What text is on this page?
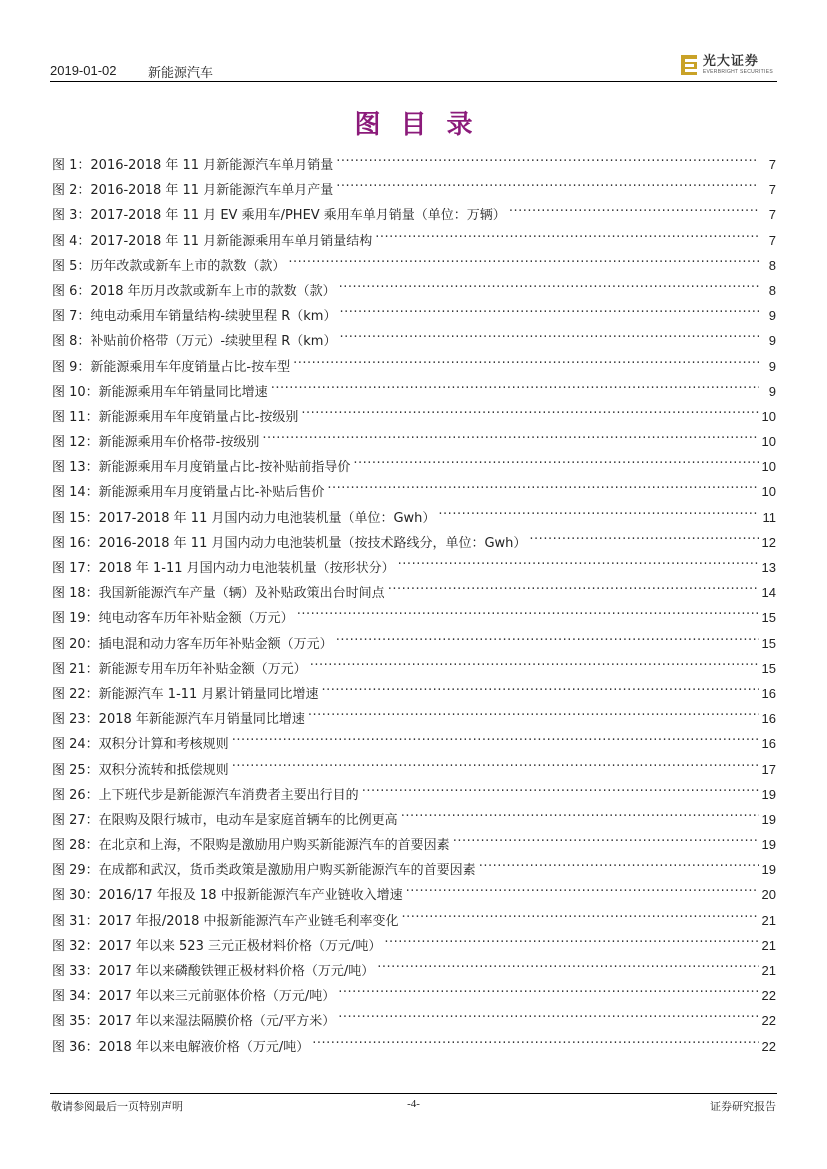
2019-01-02 新能源汽车
光大证券
EVERBRIGHT SECURITIES
图目录
图 1：2016-2018 年 11 月新能源汽车单月销量 .....	7
图 2：2016-2018 年 11 月新能源汽车单月产量 .....	7
图 3：2017-2018 年 11 月 EV 乘用车/PHEV 乘用车单月销量（单位：万辆） .....	7
图 4：2017-2018 年 11 月新能源乘用车单月销量结构 .....	7
图 5：历年改款或新车上市的款数（款） .....	8
图 6：2018 年历月改款或新车上市的款数（款） .....	8
图 7：纯电动乘用车销量结构-续驶里程 R（km） .....	9
图 8：补贴前价格带（万元）-续驶里程 R（km） .....	9
图 9：新能源乘用车年度销量占比-按车型 .....	9
图 10：新能源乘用车年销量同比增速 .....	9
图 11：新能源乘用车年度销量占比-按级别 .....	10
图 12：新能源乘用车价格带-按级别 .....	10
图 13：新能源乘用车月度销量占比-按补贴前指导价 .....	10
图 14：新能源乘用车月度销量占比-补贴后售价 .....	10
图 15：2017-2018 年 11 月国内动力电池装机量（单位：Gwh） .....	11
图 16：2016-2018 年 11 月国内动力电池装机量（按技术路线分，单位：Gwh） .....	12
图 17：2018 年 1-11 月国内动力电池装机量（按形状分） .....	13
图 18：我国新能源汽车产量（辆）及补贴政策出台时间点 .....	14
图 19：纯电动客车历年补贴金额（万元） .....	15
图 20：插电混和动力客车历年补贴金额（万元） .....	15
图 21：新能源专用车历年补贴金额（万元） .....	15
图 22：新能源汽车 1-11 月累计销量同比增速 .....	16
图 23：2018 年新能源汽车月销量同比增速 .....	16
图 24：双积分计算和考核规则 .....	16
图 25：双积分流转和抵偿规则 .....	17
图 26：上下班代步是新能源汽车消费者主要出行目的 .....	19
图 27：在限购及限行城市，电动车是家庭首辆车的比例更高 .....	19
图 28：在北京和上海，不限购是激励用户购买新能源汽车的首要因素 .....	19
图 29：在成都和武汉，货币类政策是激励用户购买新能源汽车的首要因素 .....	19
图 30：2016/17 年报及 18 中报新能源汽车产业链收入增速 .....	20
图 31：2017 年报/2018 中报新能源汽车产业链毛利率变化 .....	21
图 32：2017 年以来 523 三元正极材料价格（万元/吨） .....	21
图 33：2017 年以来磷酸铁锂正极材料价格（万元/吨） .....	21
图 34：2017 年以来三元前驱体价格（万元/吨） .....	22
图 35：2017 年以来湿法隔膜价格（元/平方米） .....	22
图 36：2018 年以来电解液价格（万元/吨） .....	22
敬请参阅最后一页特别声明	-4-	证券研究报告
